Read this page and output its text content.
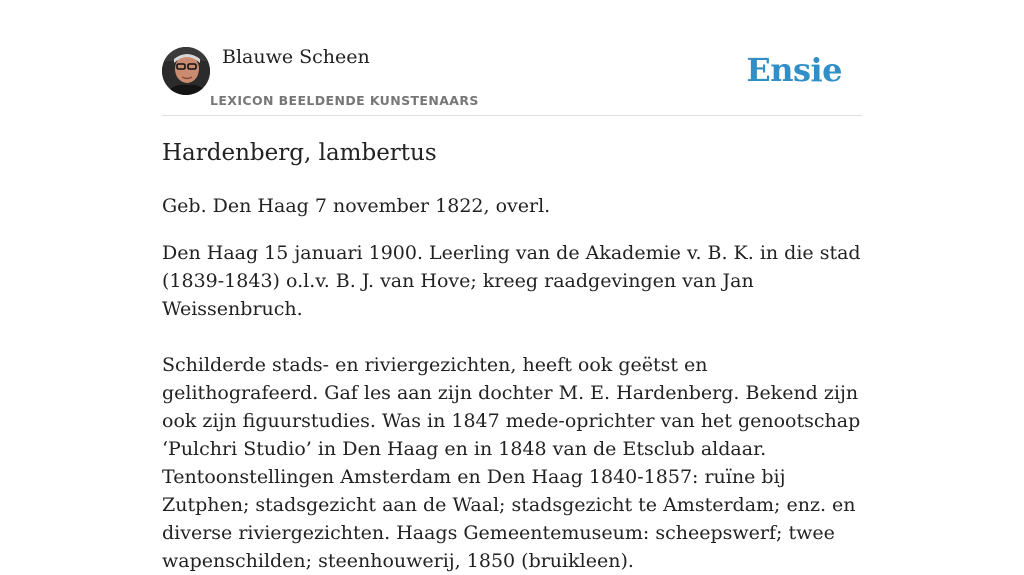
Blauwe Scheen
LEXICON BEELDENDE KUNSTENAARS
Ensie
Hardenberg, lambertus

Geb. Den Haag 7 november 1822, overl.

Den Haag 15 januari 1900. Leerling van de Akademie v. B. K. in die stad (1839-1843) o.l.v. B. J. van Hove; kreeg raadgevingen van Jan Weissenbruch.

Schilderde stads- en riviergezichten, heeft ook geëtst en gelithografeerd. Gaf les aan zijn dochter M. E. Hardenberg. Bekend zijn ook zijn figuurstudies. Was in 1847 mede-oprichter van het genootschap ‘Pulchri Studio’ in Den Haag en in 1848 van de Etsclub aldaar. Tentoonstellingen Amsterdam en Den Haag 1840-1857: ruïne bij Zutphen; stadsgezicht aan de Waal; stadsgezicht te Amsterdam; enz. en diverse riviergezichten. Haags Gemeentemuseum: scheepswerf; twee wapenschilden; steenhouwerij, 1850 (bruikleen).
